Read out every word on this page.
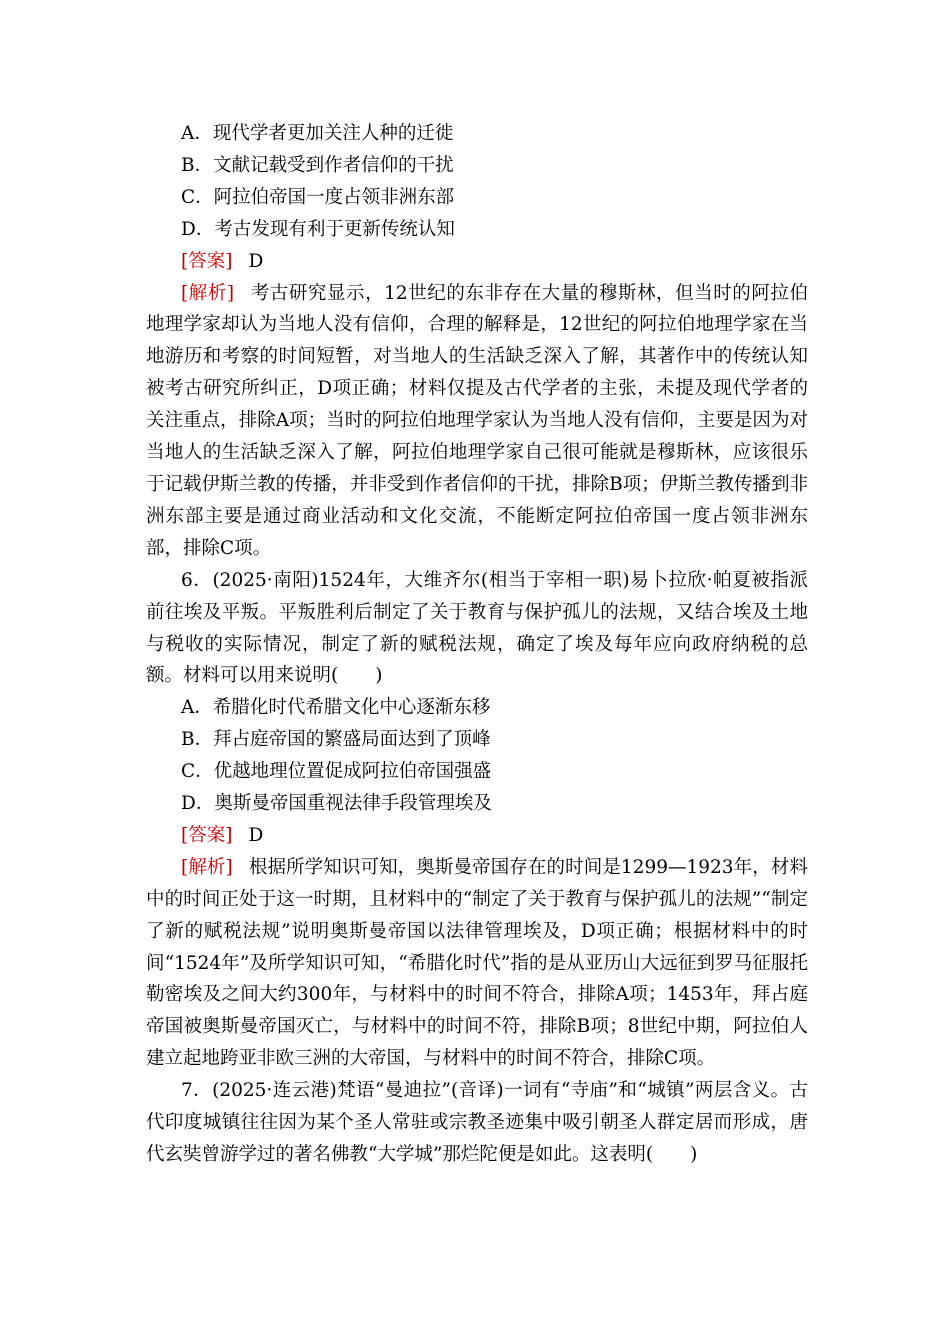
A．现代学者更加关注人种的迁徙
B．文献记载受到作者信仰的干扰
C．阿拉伯帝国一度占领非洲东部
D．考古发现有利于更新传统认知
[答案] D

[解析] 考古研究显示，12世纪的东非存在大量的穆斯林，但当时的阿拉伯地理学家却认为当地人没有信仰，合理的解释是，12世纪的阿拉伯地理学家在当地游历和考察的时间短暂，对当地人的生活缺乏深入了解，其著作中的传统认知被考古研究所纠正，D项正确；材料仅提及古代学者的主张，未提及现代学者的关注重点，排除A项；当时的阿拉伯地理学家认为当地人没有信仰，主要是因为对当地人的生活缺乏深入了解，阿拉伯地理学家自己很可能就是穆斯林，应该很乐于记载伊斯兰教的传播，并非受到作者信仰的干扰，排除B项；伊斯兰教传播到非洲东部主要是通过商业活动和文化交流，不能断定阿拉伯帝国一度占领非洲东部，排除C项。

6．(2025·南阳)1524年，大维齐尔(相当于宰相一职)易卜拉欣·帕夏被指派前往埃及平叛。平叛胜利后制定了关于教育与保护孤儿的法规，又结合埃及土地与税收的实际情况，制定了新的赋税法规，确定了埃及每年应向政府纳税的总额。材料可以用来说明(　　)

A．希腊化时代希腊文化中心逐渐东移
B．拜占庭帝国的繁盛局面达到了顶峰
C．优越地理位置促成阿拉伯帝国强盛
D．奥斯曼帝国重视法律手段管理埃及
[答案] D

[解析] 根据所学知识可知，奥斯曼帝国存在的时间是1299—1923年，材料中的时间正处于这一时期，且材料中的“制定了关于教育与保护孤儿的法规”“制定了新的赋税法规”说明奥斯曼帝国以法律管理埃及，D项正确；根据材料中的时间“1524年”及所学知识可知，“希腊化时代”指的是从亚历山大远征到罗马征服托勒密埃及之间大约300年，与材料中的时间不符合，排除A项；1453年，拜占庭帝国被奥斯曼帝国灭亡，与材料中的时间不符，排除B项；8世纪中期，阿拉伯人建立起地跨亚非欧三洲的大帝国，与材料中的时间不符合，排除C项。

7．(2025·连云港)梵语“曼迪拉”(音译)一词有“寺庙”和“城镇”两层含义。古代印度城镇往往因为某个圣人常驻或宗教圣迹集中吸引朝圣人群定居而形成，唐代玄奘曾游学过的著名佛教“大学城”那烂陀便是如此。这表明(　　)
